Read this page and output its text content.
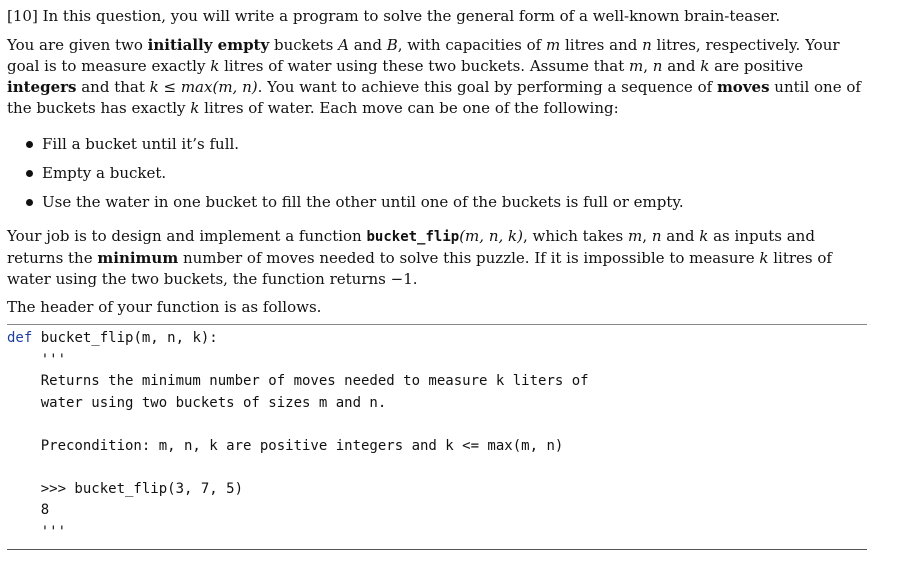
[10] In this question, you will write a program to solve the general form of a well-known brain-teaser.

You are given two initially empty buckets A and B, with capacities of m litres and n litres, respectively. Your goal is to measure exactly k litres of water using these two buckets. Assume that m, n and k are positive integers and that k ≤ max(m, n). You want to achieve this goal by performing a sequence of moves until one of the buckets has exactly k litres of water. Each move can be one of the following:

Fill a bucket until it’s full.
Empty a bucket.
Use the water in one bucket to fill the other until one of the buckets is full or empty.

Your job is to design and implement a function bucket_flip(m, n, k), which takes m, n and k as inputs and returns the minimum number of moves needed to solve this puzzle. If it is impossible to measure k litres of water using the two buckets, the function returns −1.

The header of your function is as follows.

def bucket_flip(m, n, k):
'''
Returns the minimum number of moves needed to measure k liters of
water using two buckets of sizes m and n.

Precondition: m, n, k are positive integers and k <= max(m, n)

>>> bucket_flip(3, 7, 5)
8
'''
